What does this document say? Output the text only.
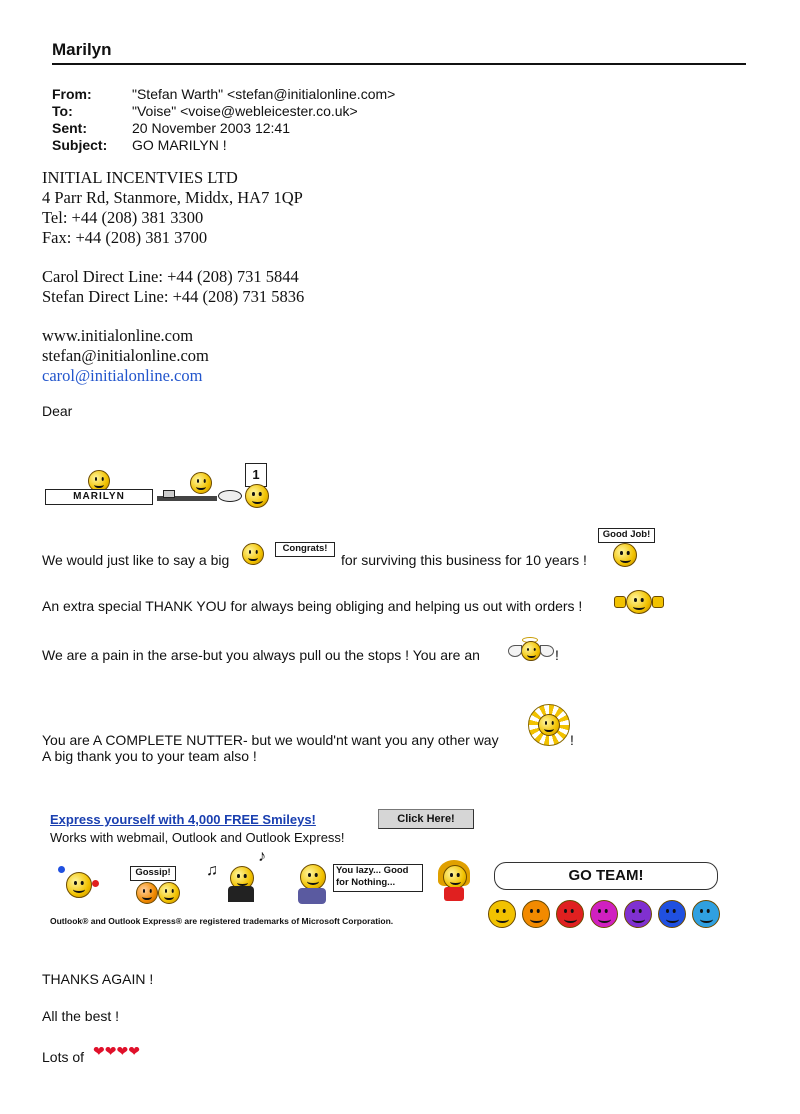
Marilyn
From:	"Stefan Warth" <stefan@initialonline.com>
To:	"Voise" <voise@webleicester.co.uk>
Sent:	20 November 2003 12:41
Subject: GO MARILYN !
INITIAL INCENTVIES LTD
4 Parr Rd, Stanmore, Middx, HA7 1QP
Tel: +44 (208) 381 3300
Fax: +44 (208) 381 3700
Carol Direct Line: +44 (208) 731 5844
Stefan Direct Line: +44 (208) 731 5836
www.initialonline.com
stefan@initialonline.com
carol@initialonline.com
Dear
MARILYN
1
We would just like to say a big
Congrats!
for surviving this business for 10 years !
Good Job!
An extra special THANK YOU for always being obliging and helping us out with orders !
We are a pain in the arse-but you always pull ou the stops ! You are an	!
You are A COMPLETE NUTTER- but we would'nt want you any other way	!
A big thank you to your team also !
Express yourself with 4,000 FREE Smileys!
Works with webmail, Outlook and Outlook Express!
Click Here!
Gossip!	♫
♪
You lazy... Good for Nothing...	GO TEAM!
Outlook® and Outlook Express® are registered trademarks of Microsoft Corporation.
THANKS AGAIN !
All the best !
Lots of ❤❤❤❤
